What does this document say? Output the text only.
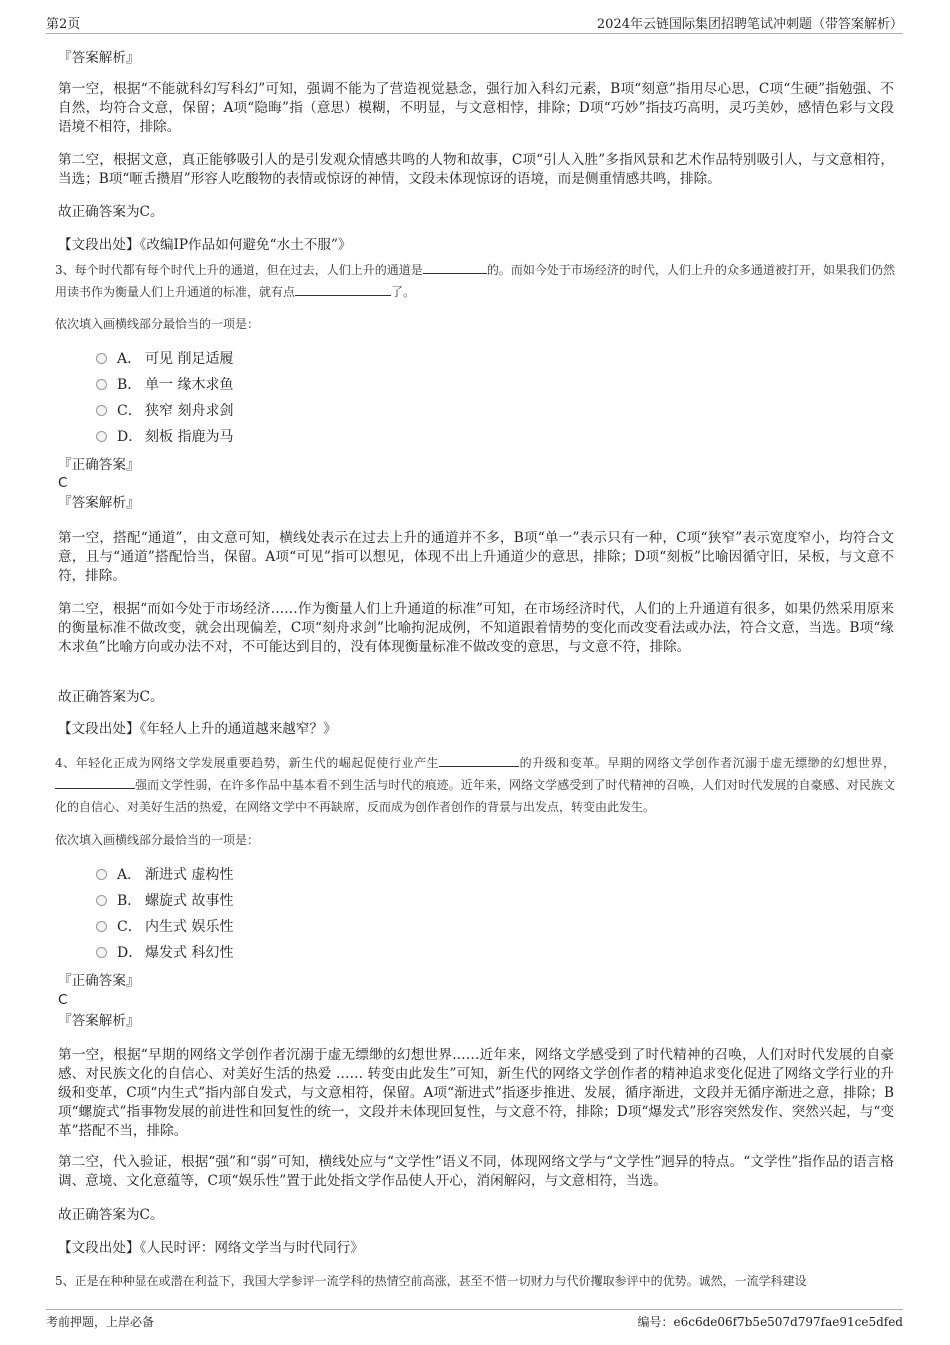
第2页	2024年云链国际集团招聘笔试冲刺题（带答案解析）

『答案解析』

第一空，根据“不能就科幻写科幻”可知，强调不能为了营造视觉悬念，强行加入科幻元素，B项“刻意”指用尽心思，C项“生硬”指勉强、不自然，均符合文意，保留；A项“隐晦”指（意思）模糊，不明显，与文意相悖，排除；D项“巧妙”指技巧高明，灵巧美妙，感情色彩与文段语境不相符，排除。

第二空，根据文意，真正能够吸引人的是引发观众情感共鸣的人物和故事，C项“引人入胜”多指风景和艺术作品特别吸引人，与文意相符，当选；B项“咂舌攒眉”形容人吃酸物的表情或惊讶的神情，文段未体现惊讶的语境，而是侧重情感共鸣，排除。

故正确答案为C。

【文段出处】《改编IP作品如何避免“水土不服”》

3、每个时代都有每个时代上升的通道，但在过去，人们上升的通道是	的。而如今处于市场经济的时代，人们上升的众多通道被打开，如果我们仍然用读书作为衡量人们上升通道的标准，就有点	了。

依次填入画横线部分最恰当的一项是：

A． 可见 削足适履
B． 单一 缘木求鱼
C． 狭窄 刻舟求剑
D． 刻板 指鹿为马

『正确答案』

C

『答案解析』

第一空，搭配“通道”，由文意可知，横线处表示在过去上升的通道并不多，B项“单一”表示只有一种，C项“狭窄”表示宽度窄小，均符合文意，且与“通道”搭配恰当，保留。A项“可见”指可以想见，体现不出上升通道少的意思，排除；D项“刻板”比喻因循守旧，呆板，与文意不符，排除。

第二空，根据“而如今处于市场经济……作为衡量人们上升通道的标准”可知，在市场经济时代，人们的上升通道有很多，如果仍然采用原来的衡量标准不做改变，就会出现偏差，C项“刻舟求剑”比喻拘泥成例，不知道跟着情势的变化而改变看法或办法，符合文意，当选。B项“缘木求鱼”比喻方向或办法不对，不可能达到目的，没有体现衡量标准不做改变的意思，与文意不符，排除。

故正确答案为C。

【文段出处】《年轻人上升的通道越来越窄？》

4、年轻化正成为网络文学发展重要趋势，新生代的崛起促使行业产生	的升级和变革。早期的网络文学创作者沉溺于虚无缥缈的幻想世界，强而文学性弱，在许多作品中基本看不到生活与时代的痕迹。近年来，网络文学感受到了时代精神的召唤，人们对时代发展的自豪感、对民族文化的自信心、对美好生活的热爱，在网络文学中不再缺席，反而成为创作者创作的背景与出发点，转变由此发生。

依次填入画横线部分最恰当的一项是：

A． 渐进式 虚构性
B． 螺旋式 故事性
C． 内生式 娱乐性
D． 爆发式 科幻性

『正确答案』

C

『答案解析』

第一空，根据“早期的网络文学创作者沉溺于虚无缥缈的幻想世界……近年来，网络文学感受到了时代精神的召唤，人们对时代发展的自豪感、对民族文化的自信心、对美好生活的热爱 …… 转变由此发生”可知，新生代的网络文学创作者的精神追求变化促进了网络文学行业的升级和变革，C项“内生式”指内部自发式，与文意相符，保留。A项“渐进式”指逐步推进、发展，循序渐进，文段并无循序渐进之意，排除；B项“螺旋式”指事物发展的前进性和回复性的统一，文段并未体现回复性，与文意不符，排除；D项“爆发式”形容突然发作、突然兴起，与“变革”搭配不当，排除。

第二空，代入验证，根据“强”和“弱”可知，横线处应与“文学性”语义不同，体现网络文学与“文学性”迥异的特点。“文学性”指作品的语言格调、意境、文化意蕴等，C项“娱乐性”置于此处指文学作品使人开心，消闲解闷，与文意相符，当选。

故正确答案为C。

【文段出处】《人民时评：网络文学当与时代同行》

5、正是在种种显在或潜在利益下，我国大学参评一流学科的热情空前高涨，甚至不惜一切财力与代价攫取参评中的优势。诚然，一流学科建设

考前押题，上岸必备	编号：e6c6de06f7b5e507d797fae91ce5dfed
